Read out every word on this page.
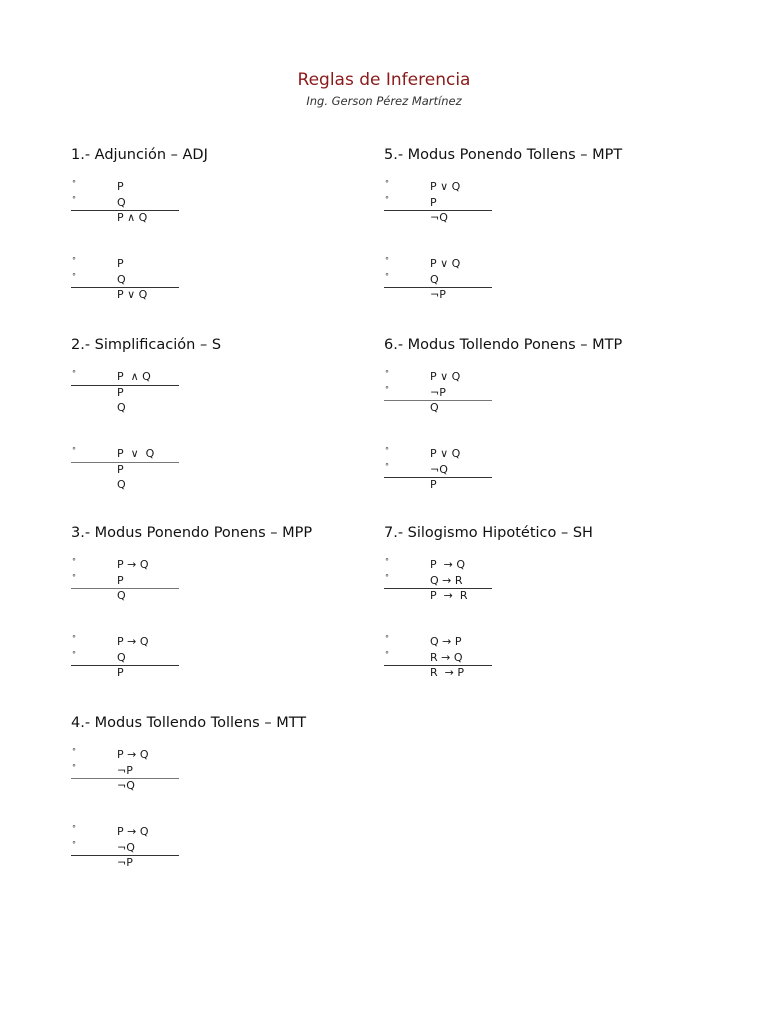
Reglas de Inferencia

Ing. Gerson Pérez Martínez

1.- Adjunción – ADJ
°	P
°	Q
P ∧ Q
°	P
°	Q
P ∨ Q
2.- Simplificación – S
°	P  ∧ Q
P
Q
°	P  ∨  Q
P
Q
3.- Modus Ponendo Ponens – MPP
°	P → Q
°	P
Q
°	P → Q
°	Q
P
4.- Modus Tollendo Tollens – MTT
°	P → Q
°	¬P
¬Q
°	P → Q
°	¬Q
¬P
5.- Modus Ponendo Tollens – MPT
°	P ∨ Q
°	P
¬Q
°	P ∨ Q
°	Q
¬P
6.- Modus Tollendo Ponens – MTP
°	P ∨ Q
°	¬P
Q
°	P ∨ Q
°	¬Q
P
7.- Silogismo Hipotético – SH
°	P  → Q
°	Q → R
P  →  R
°	Q → P
°	R → Q
R  → P
